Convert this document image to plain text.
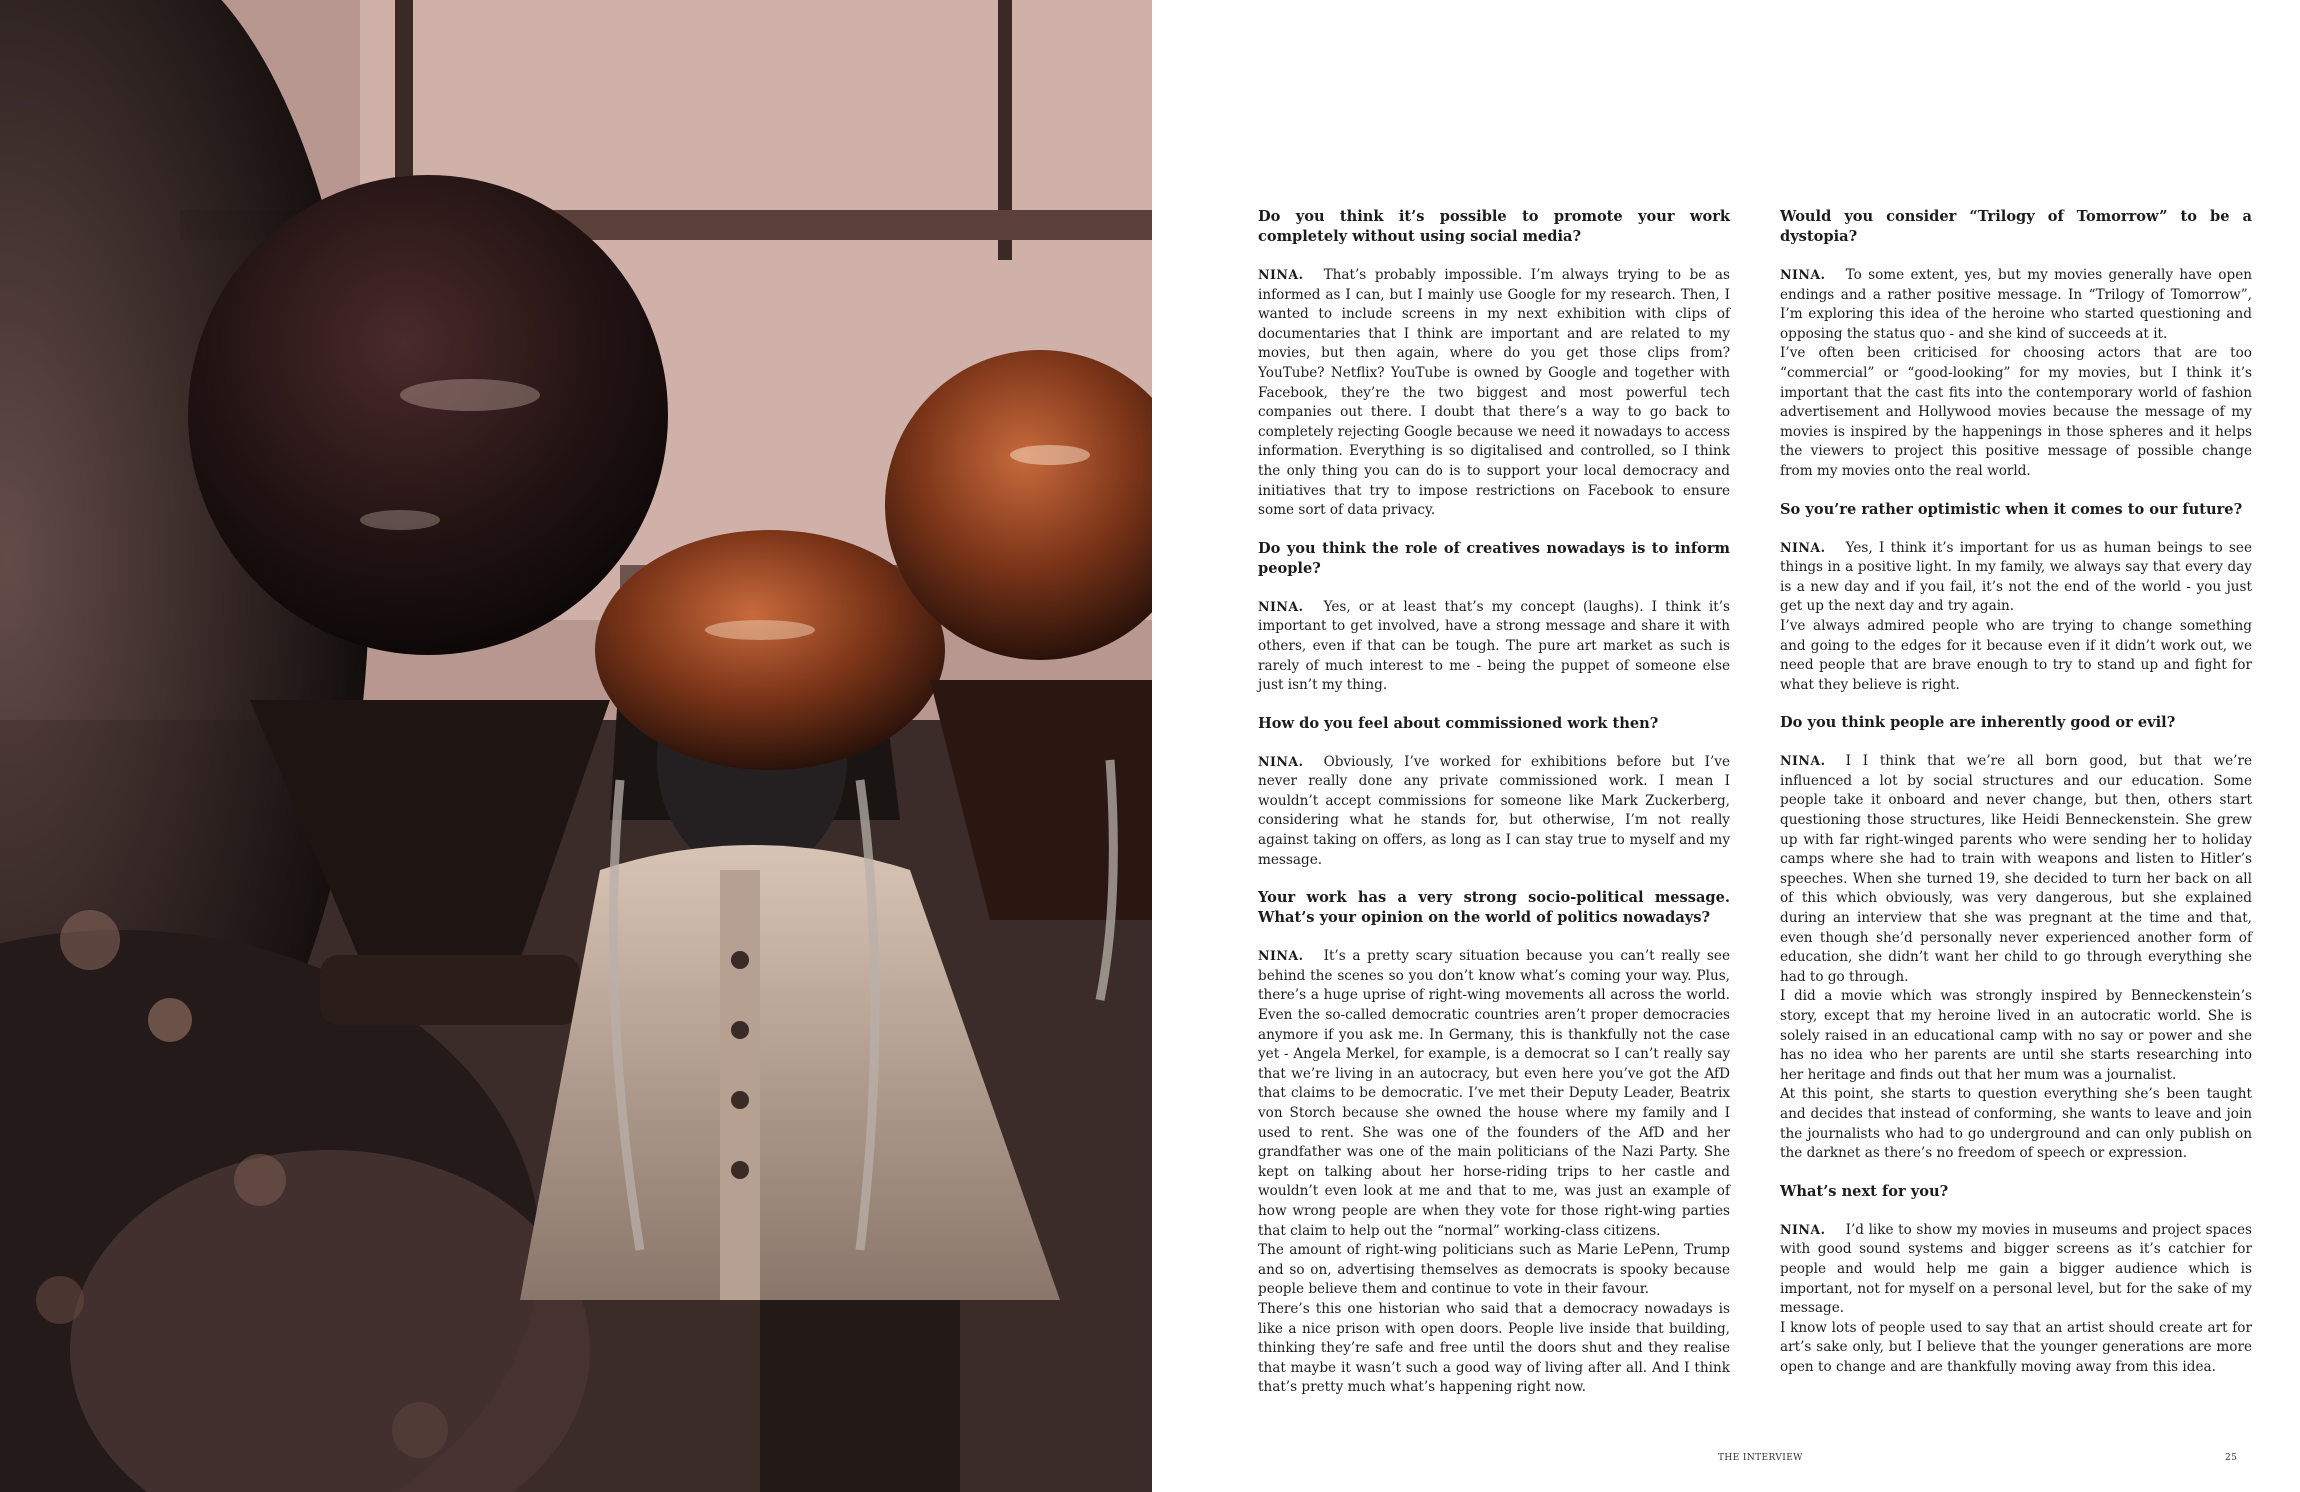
Do you think it’s possible to promote your work completely without using social media?

NINA. That’s probably impossible. I’m always trying to be as informed as I can, but I mainly use Google for my research. Then, I wanted to include screens in my next exhibition with clips of documentaries that I think are important and are related to my movies, but then again, where do you get those clips from? YouTube? Netflix? YouTube is owned by Google and together with Facebook, they’re the two biggest and most powerful tech companies out there. I doubt that there’s a way to go back to completely rejecting Google because we need it nowadays to access information. Everything is so digitalised and controlled, so I think the only thing you can do is to support your local democracy and initiatives that try to impose restrictions on Facebook to ensure some sort of data privacy.

Do you think the role of creatives nowadays is to inform people?

NINA. Yes, or at least that’s my concept (laughs). I think it’s important to get involved, have a strong message and share it with others, even if that can be tough. The pure art market as such is rarely of much interest to me - being the puppet of someone else just isn’t my thing.

How do you feel about commissioned work then?

NINA. Obviously, I’ve worked for exhibitions before but I’ve never really done any private commissioned work. I mean I wouldn’t accept commissions for someone like Mark Zuckerberg, considering what he stands for, but otherwise, I’m not really against taking on offers, as long as I can stay true to myself and my message.

Your work has a very strong socio-political message. What’s your opinion on the world of politics nowadays?

NINA. It’s a pretty scary situation because you can’t really see behind the scenes so you don’t know what’s coming your way. Plus, there’s a huge uprise of right-wing movements all across the world. Even the so-called democratic countries aren’t proper democracies anymore if you ask me. In Germany, this is thankfully not the case yet - Angela Merkel, for example, is a democrat so I can’t really say that we’re living in an autocracy, but even here you’ve got the AfD that claims to be democratic. I’ve met their Deputy Leader, Beatrix von Storch because she owned the house where my family and I used to rent. She was one of the founders of the AfD and her grandfather was one of the main politicians of the Nazi Party. She kept on talking about her horse-riding trips to her castle and wouldn’t even look at me and that to me, was just an example of how wrong people are when they vote for those right-wing parties that claim to help out the “normal” working-class citizens.

The amount of right-wing politicians such as Marie LePenn, Trump and so on, advertising themselves as democrats is spooky because people believe them and continue to vote in their favour.

There’s this one historian who said that a democracy nowadays is like a nice prison with open doors. People live inside that building, thinking they’re safe and free until the doors shut and they realise that maybe it wasn’t such a good way of living after all. And I think that’s pretty much what’s happening right now.

Would you consider “Trilogy of Tomorrow” to be a dystopia?

NINA. To some extent, yes, but my movies generally have open endings and a rather positive message. In “Trilogy of Tomorrow”, I’m exploring this idea of the heroine who started questioning and opposing the status quo - and she kind of succeeds at it.

I’ve often been criticised for choosing actors that are too “commercial” or “good-looking” for my movies, but I think it’s important that the cast fits into the contemporary world of fashion advertisement and Hollywood movies because the message of my movies is inspired by the happenings in those spheres and it helps the viewers to project this positive message of possible change from my movies onto the real world.

So you’re rather optimistic when it comes to our future?

NINA. Yes, I think it’s important for us as human beings to see things in a positive light. In my family, we always say that every day is a new day and if you fail, it’s not the end of the world - you just get up the next day and try again.

I’ve always admired people who are trying to change something and going to the edges for it because even if it didn’t work out, we need people that are brave enough to try to stand up and fight for what they believe is right.

Do you think people are inherently good or evil?

NINA. I I think that we’re all born good, but that we’re influenced a lot by social structures and our education. Some people take it onboard and never change, but then, others start questioning those structures, like Heidi Benneckenstein. She grew up with far right-winged parents who were sending her to holiday camps where she had to train with weapons and listen to Hitler’s speeches. When she turned 19, she decided to turn her back on all of this which obviously, was very dangerous, but she explained during an interview that she was pregnant at the time and that, even though she’d personally never experienced another form of education, she didn’t want her child to go through everything she had to go through.

I did a movie which was strongly inspired by Benneckenstein’s story, except that my heroine lived in an autocratic world. She is solely raised in an educational camp with no say or power and she has no idea who her parents are until she starts researching into her heritage and finds out that her mum was a journalist.

At this point, she starts to question everything she’s been taught and decides that instead of conforming, she wants to leave and join the journalists who had to go underground and can only publish on the darknet as there’s no freedom of speech or expression.

What’s next for you?

NINA. I’d like to show my movies in museums and project spaces with good sound systems and bigger screens as it’s catchier for people and would help me gain a bigger audience which is important, not for myself on a personal level, but for the sake of my message.

I know lots of people used to say that an artist should create art for art’s sake only, but I believe that the younger generations are more open to change and are thankfully moving away from this idea.

THE INTERVIEW	25
